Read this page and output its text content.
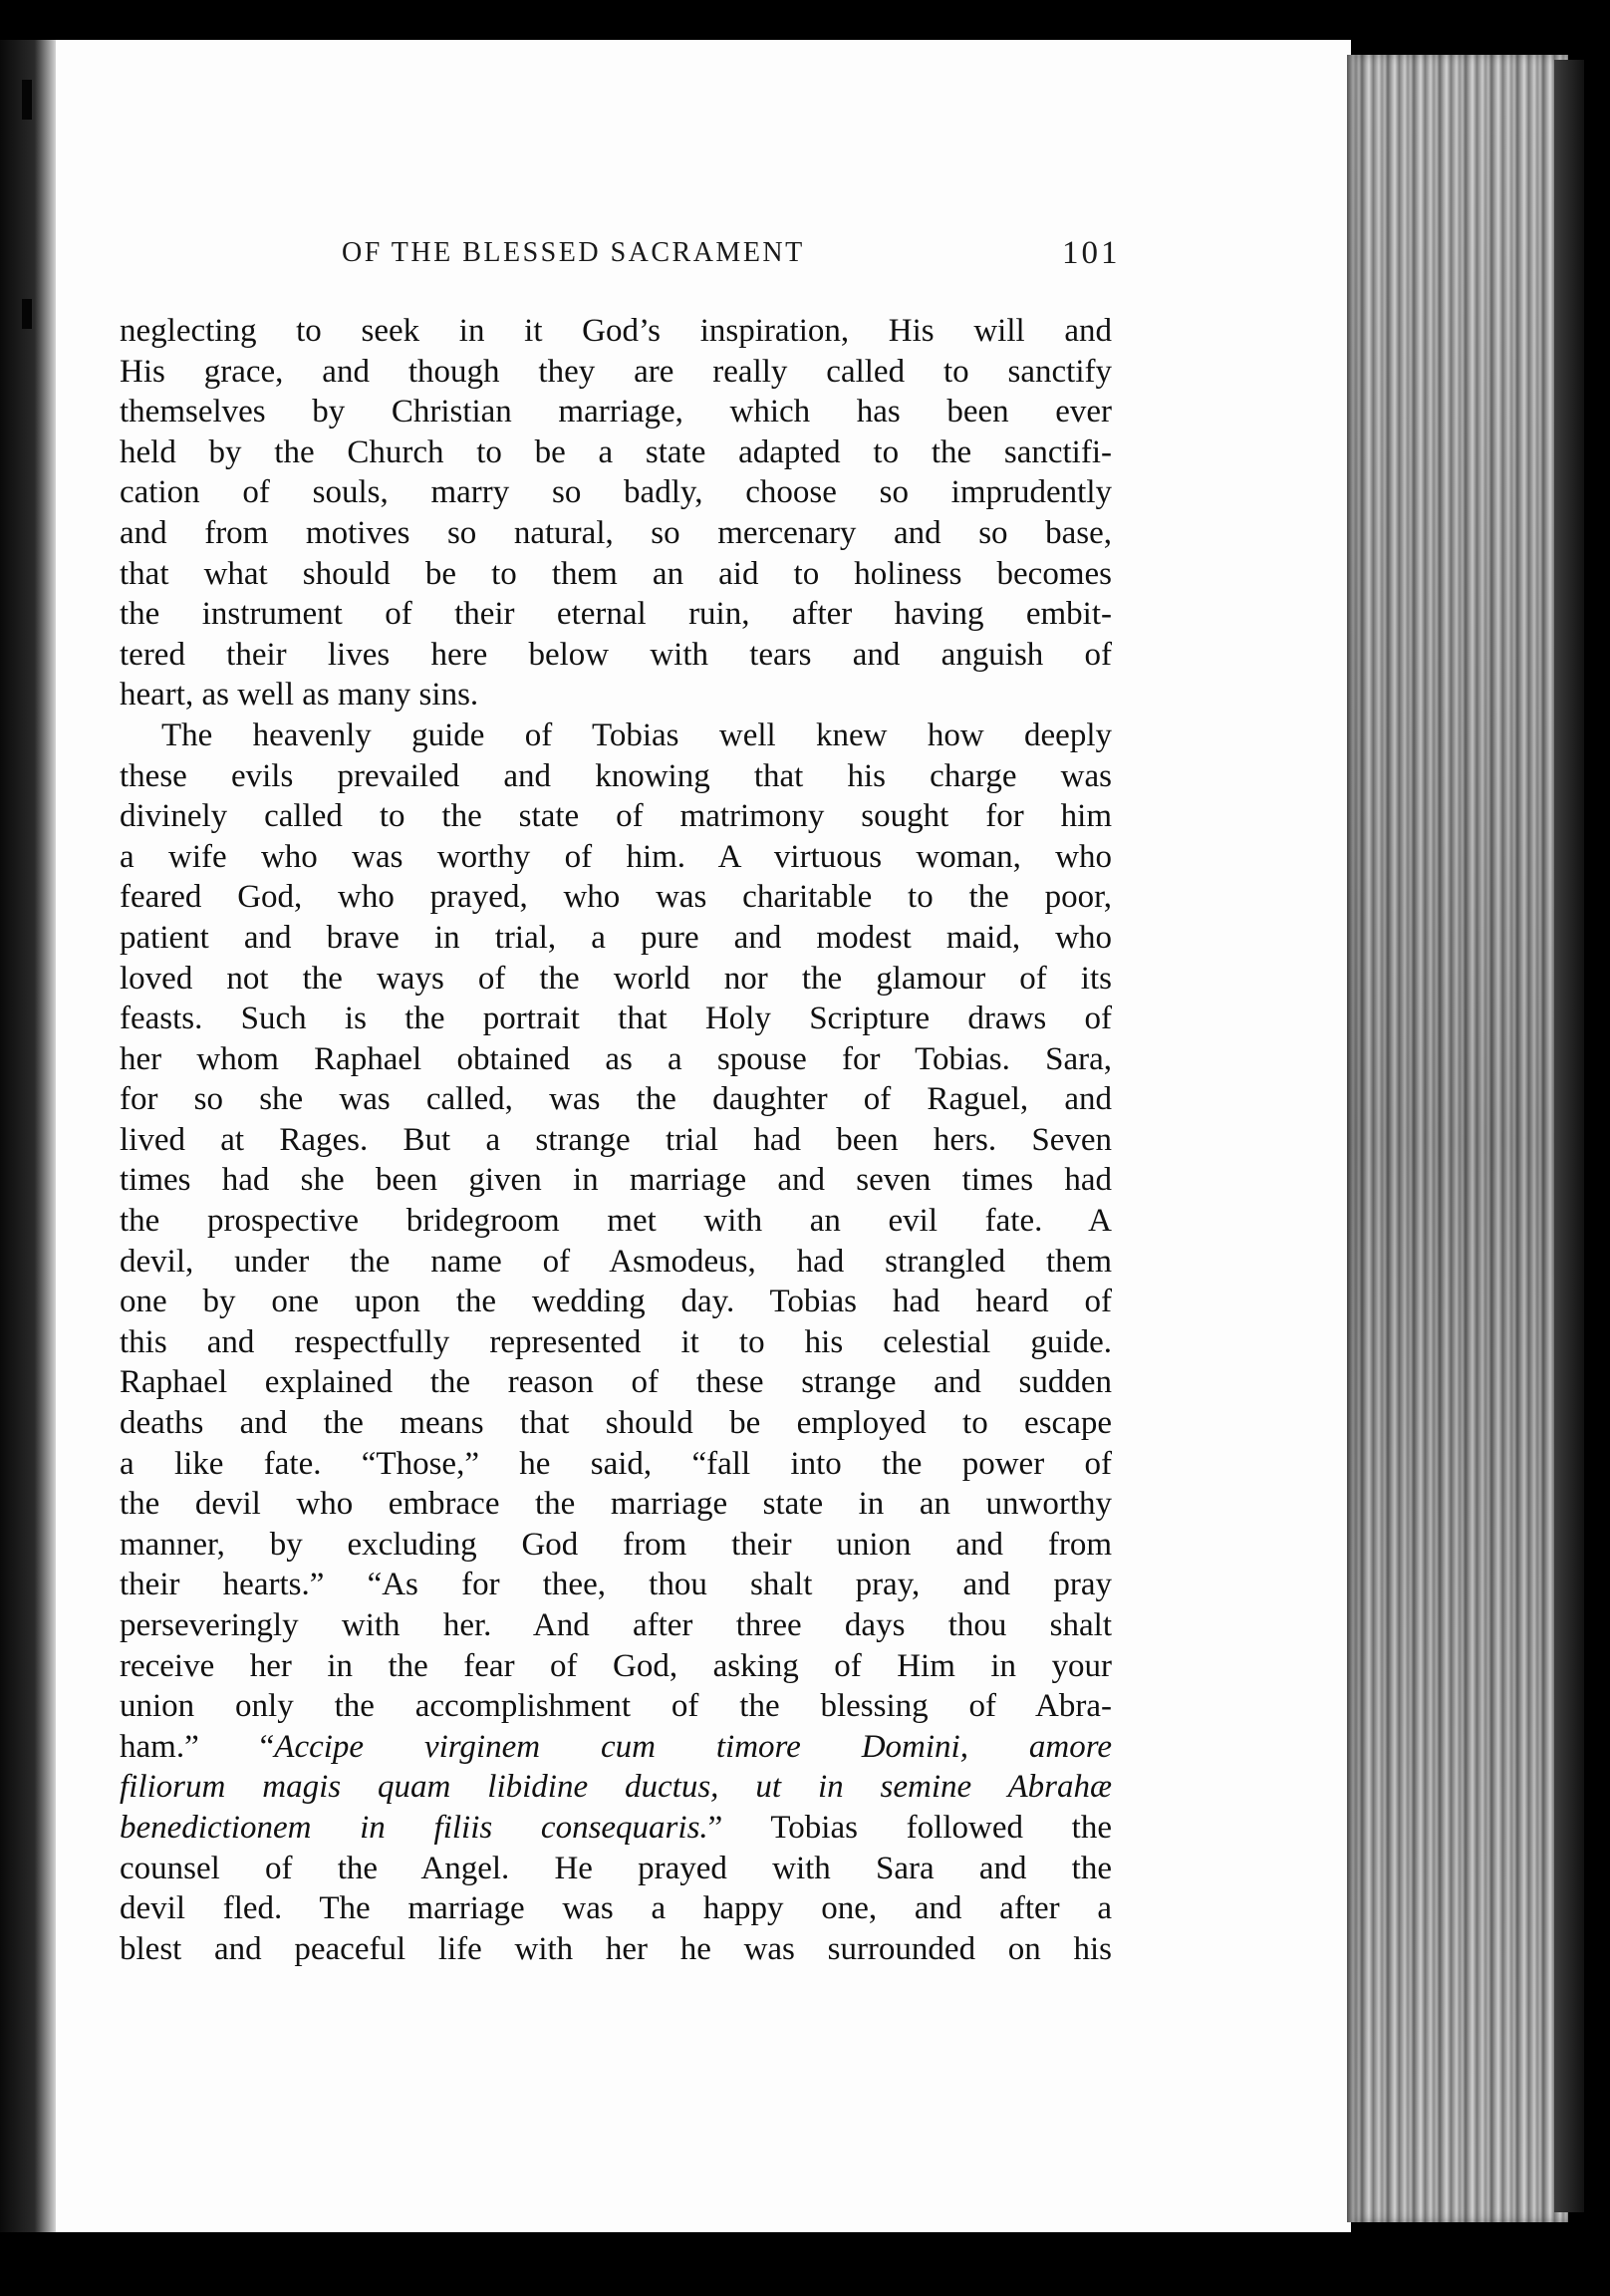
OF THE BLESSED SACRAMENT	101
neglecting to seek in it God’s inspiration, His will and
His grace, and though they are really called to sanctify
themselves by Christian marriage, which has been ever
held by the Church to be a state adapted to the sanctifi-
cation of souls, marry so badly, choose so imprudently
and from motives so natural, so mercenary and so base,
that what should be to them an aid to holiness becomes
the instrument of their eternal ruin, after having embit-
tered their lives here below with tears and anguish of
heart, as well as many sins.
The heavenly guide of Tobias well knew how deeply
these evils prevailed and knowing that his charge was
divinely called to the state of matrimony sought for him
a wife who was worthy of him. A virtuous woman, who
feared God, who prayed, who was charitable to the poor,
patient and brave in trial, a pure and modest maid, who
loved not the ways of the world nor the glamour of its
feasts. Such is the portrait that Holy Scripture draws of
her whom Raphael obtained as a spouse for Tobias. Sara,
for so she was called, was the daughter of Raguel, and
lived at Rages. But a strange trial had been hers. Seven
times had she been given in marriage and seven times had
the prospective bridegroom met with an evil fate. A
devil, under the name of Asmodeus, had strangled them
one by one upon the wedding day. Tobias had heard of
this and respectfully represented it to his celestial guide.
Raphael explained the reason of these strange and sudden
deaths and the means that should be employed to escape
a like fate. “Those,” he said, “fall into the power of
the devil who embrace the marriage state in an unworthy
manner, by excluding God from their union and from
their hearts.” “As for thee, thou shalt pray, and pray
perseveringly with her. And after three days thou shalt
receive her in the fear of God, asking of Him in your
union only the accomplishment of the blessing of Abra-
ham.” “Accipe virginem cum timore Domini, amore
filiorum magis quam libidine ductus, ut in semine Abrahæ
benedictionem in filiis consequaris.” Tobias followed the
counsel of the Angel. He prayed with Sara and the
devil fled. The marriage was a happy one, and after a
blest and peaceful life with her he was surrounded on his
